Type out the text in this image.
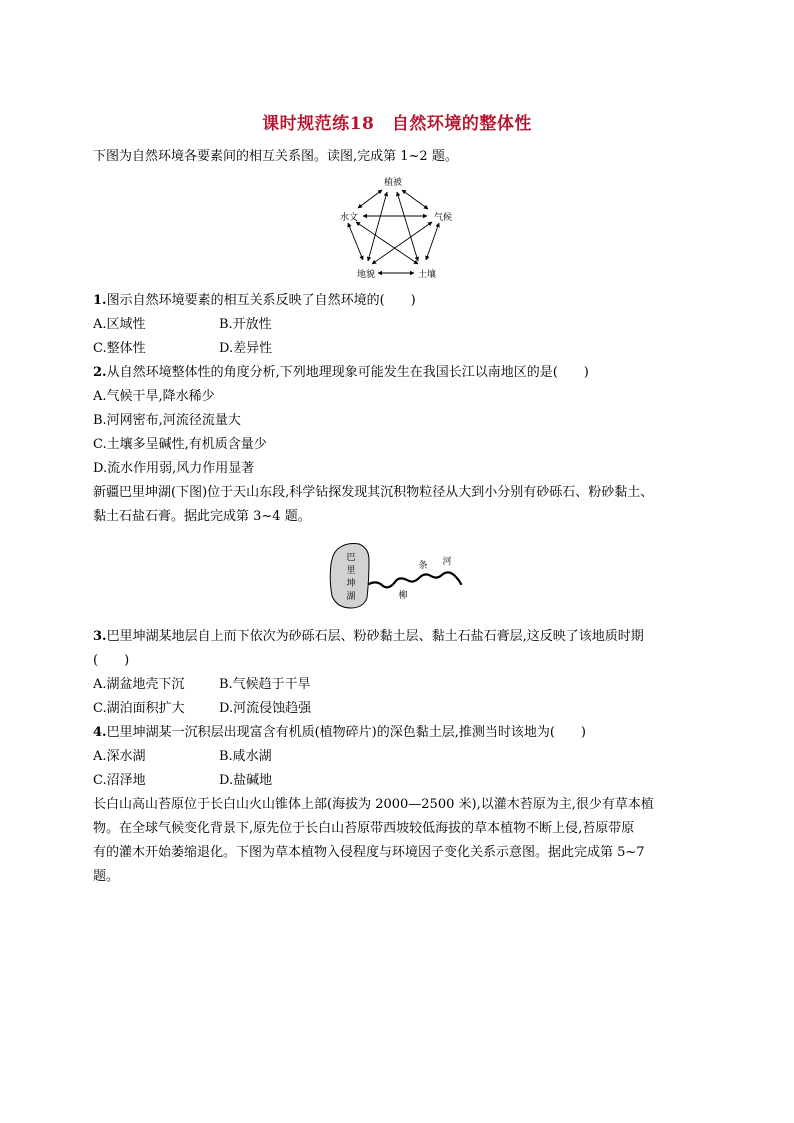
课时规范练18　自然环境的整体性

下图为自然环境各要素间的相互关系图。读图,完成第 1~2 题。

植被
水文	气候
地貌	土壤

1.图示自然环境要素的相互关系反映了自然环境的(　　)

A.区域性	B.开放性

C.整体性	D.差异性

2.从自然环境整体性的角度分析,下列地理现象可能发生在我国长江以南地区的是(　　)

A.气候干旱,降水稀少

B.河网密布,河流径流量大

C.土壤多呈碱性,有机质含量少

D.流水作用弱,风力作用显著

新疆巴里坤湖(下图)位于天山东段,科学钻探发现其沉积物粒径从大到小分别有砂砾石、粉砂黏土、

黏土石盐石膏。据此完成第 3~4 题。

巴
里
坤
湖	柳
条 河

3.巴里坤湖某地层自上而下依次为砂砾石层、粉砂黏土层、黏土石盐石膏层,这反映了该地质时期

(　　)

A.湖盆地壳下沉	B.气候趋于干旱

C.湖泊面积扩大	D.河流侵蚀趋强

4.巴里坤湖某一沉积层出现富含有机质(植物碎片)的深色黏土层,推测当时该地为(　　)

A.深水湖	B.咸水湖

C.沼泽地	D.盐碱地

长白山高山苔原位于长白山火山锥体上部(海拔为 2000—2500 米),以灌木苔原为主,很少有草本植

物。在全球气候变化背景下,原先位于长白山苔原带西坡较低海拔的草本植物不断上侵,苔原带原

有的灌木开始萎缩退化。下图为草本植物入侵程度与环境因子变化关系示意图。据此完成第 5~7

题。
